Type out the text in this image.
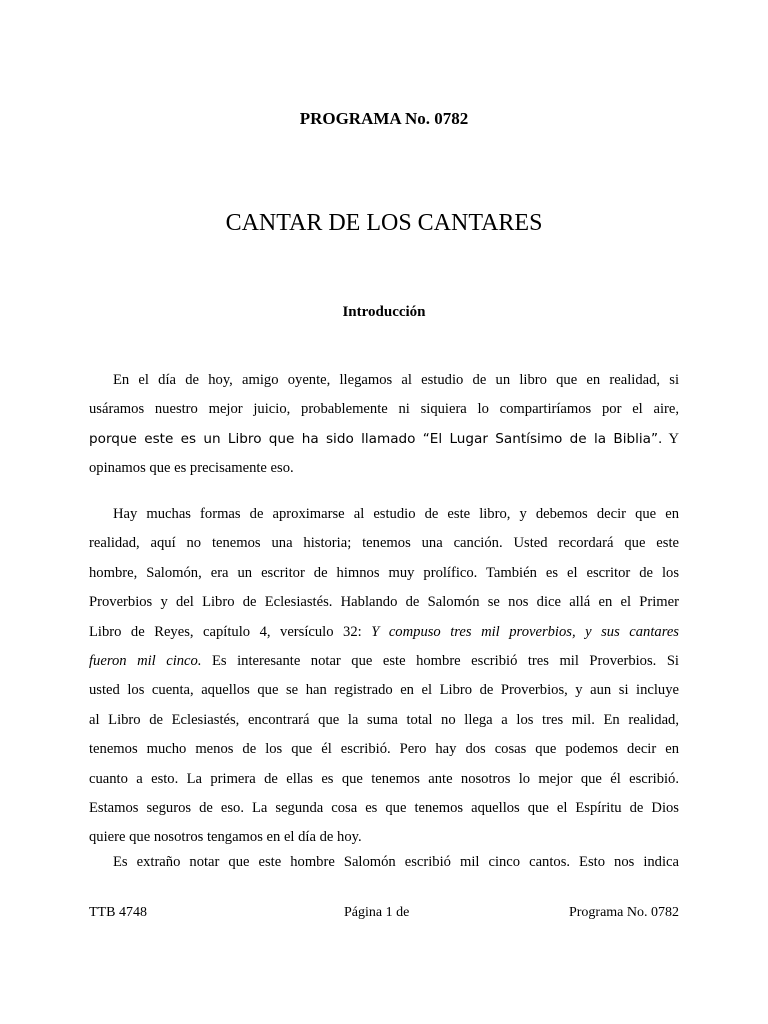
PROGRAMA No. 0782
CANTAR DE LOS CANTARES
Introducción
En el día de hoy, amigo oyente, llegamos al estudio de un libro que en realidad, si
usáramos nuestro mejor juicio, probablemente ni siquiera lo compartiríamos por el aire,
porque este es un Libro que ha sido llamado “El Lugar Santísimo de la Biblia”. Y
opinamos que es precisamente eso.
Hay muchas formas de aproximarse al estudio de este libro, y debemos decir que en
realidad, aquí no tenemos una historia; tenemos una canción. Usted recordará que este
hombre, Salomón, era un escritor de himnos muy prolífico. También es el escritor de los
Proverbios y del Libro de Eclesiastés. Hablando de Salomón se nos dice allá en el Primer
Libro de Reyes, capítulo 4, versículo 32: Y compuso tres mil proverbios, y sus cantares
fueron mil cinco. Es interesante notar que este hombre escribió tres mil Proverbios. Si
usted los cuenta, aquellos que se han registrado en el Libro de Proverbios, y aun si incluye
al Libro de Eclesiastés, encontrará que la suma total no llega a los tres mil. En realidad,
tenemos mucho menos de los que él escribió. Pero hay dos cosas que podemos decir en
cuanto a esto. La primera de ellas es que tenemos ante nosotros lo mejor que él escribió.
Estamos seguros de eso. La segunda cosa es que tenemos aquellos que el Espíritu de Dios
quiere que nosotros tengamos en el día de hoy.
Es extraño notar que este hombre Salomón escribió mil cinco cantos. Esto nos indica
TTB 4748	Página 1 de	Programa No. 0782
